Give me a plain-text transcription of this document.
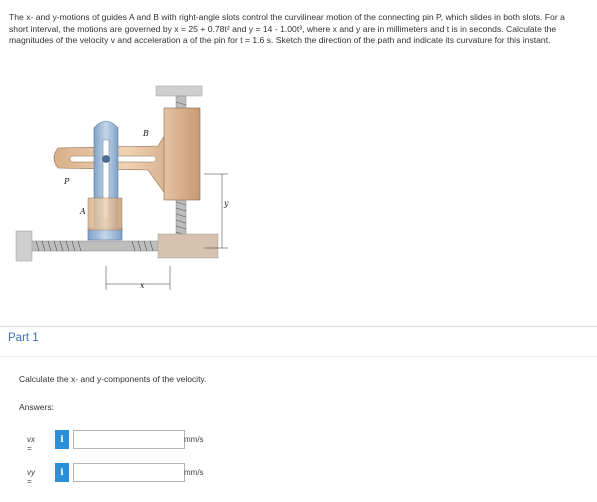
The x- and y-motions of guides A and B with right-angle slots control the curvilinear motion of the connecting pin P, which slides in both slots. For a short interval, the motions are governed by x = 25 + 0.78t² and y = 14 - 1.00t³, where x and y are in millimeters and t is in seconds. Calculate the magnitudes of the velocity v and acceleration a of the pin for t = 1.6 s. Sketch the direction of the path and indicate its curvature for this instant.
B
P
A
x
y
Part 1
Calculate the x- and y-components of the velocity.
Answers:
vx =
i	mm/s
vy =
i	mm/s
